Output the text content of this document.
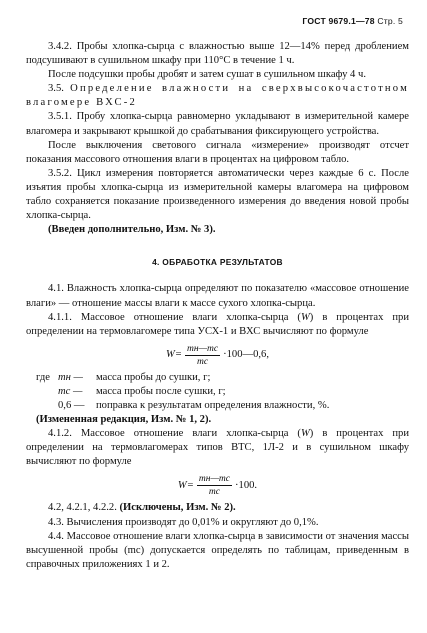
ГОСТ 9679.1—78 Стр. 5

3.4.2. Пробы хлопка-сырца с влажностью выше 12—14% перед дроблением подсушивают в сушильном шкафу при 110°С в течение 1 ч.

После подсушки пробы дробят и затем сушат в сушильном шкафу 4 ч.

3.5. Определение влажности на сверхвысокочастотном влагомере ВХС-2

3.5.1. Пробу хлопка-сырца равномерно укладывают в измерительной камере влагомера и закрывают крышкой до срабатывания фиксирующего устройства.

После выключения светового сигнала «измерение» производят отсчет показания массового отношения влаги в процентах на цифровом табло.

3.5.2. Цикл измерения повторяется автоматически через каждые 6 с. После изъятия пробы хлопка-сырца из измерительной камеры влагомера на цифровом табло сохраняется показание произведенного измерения до введения новой пробы хлопка-сырца.

(Введен дополнительно, Изм. № 3).

4. ОБРАБОТКА РЕЗУЛЬТАТОВ

4.1. Влажность хлопка-сырца определяют по показателю «массовое отношение влаги» — отношение массы влаги к массе сухого хлопка-сырца.

4.1.1. Массовое отношение влаги хлопка-сырца (W) в процентах при определении на термовлагомере типа УСХ-1 и ВХС вычисляют по формуле

$W= \frac{mн—mc}{mc}$ ·100—0,6,
где mн —	масса пробы до сушки, г;
mc —	масса пробы после сушки, г;
0,6 —	поправка к результатам определения влажности, %.

(Измененная редакция, Изм. № 1, 2).

4.1.2. Массовое отношение влаги хлопка-сырца (W) в процентах при определении на термовлагомерах типов ВТС, 1Л-2 и в сушильном шкафу вычисляют по формуле

$W= \frac{mн—mc}{mc} \cdot 100$.

4.2, 4.2.1, 4.2.2. (Исключены, Изм. № 2).

4.3. Вычисления производят до 0,01% и округляют до 0,1%.

4.4. Массовое отношение влаги хлопка-сырца в зависимости от значения массы высушенной пробы (mc) допускается определять по таблицам, приведенным в справочных приложениях 1 и 2.
